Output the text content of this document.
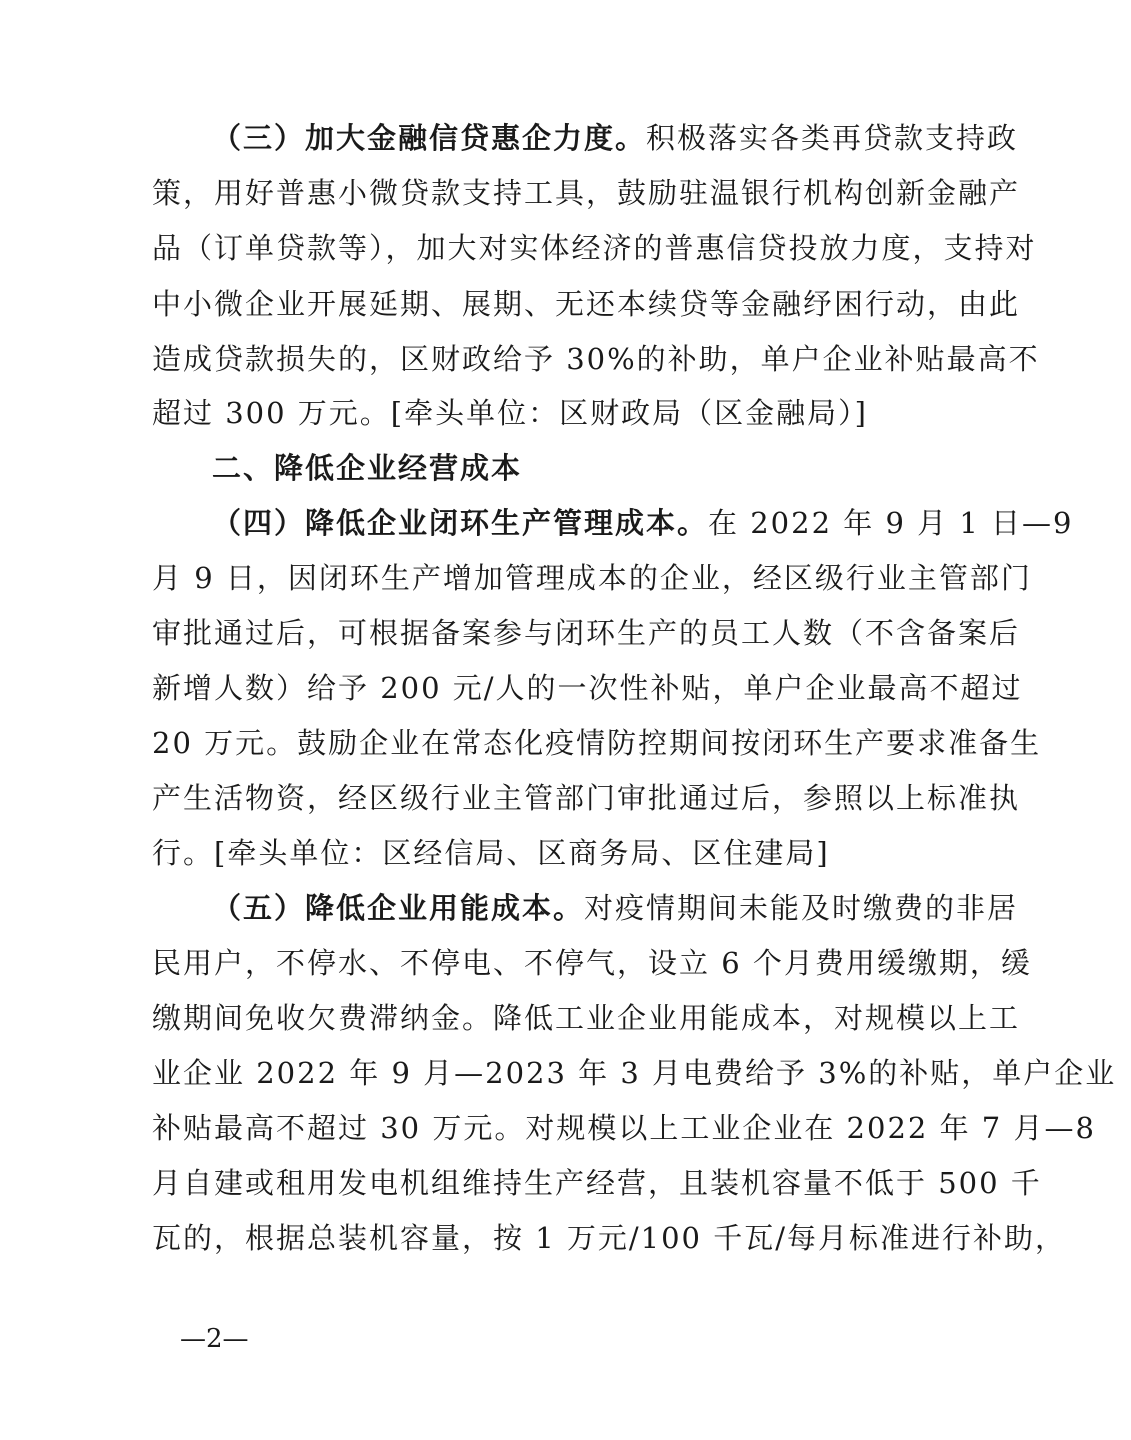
（三）加大金融信贷惠企力度。积极落实各类再贷款支持政
策，用好普惠小微贷款支持工具，鼓励驻温银行机构创新金融产
品（订单贷款等），加大对实体经济的普惠信贷投放力度，支持对
中小微企业开展延期、展期、无还本续贷等金融纾困行动，由此
造成贷款损失的，区财政给予 30%的补助，单户企业补贴最高不
超过 300 万元。[牵头单位：区财政局（区金融局）]
二、降低企业经营成本
（四）降低企业闭环生产管理成本。在 2022 年 9 月 1 日—9
月 9 日，因闭环生产增加管理成本的企业，经区级行业主管部门
审批通过后，可根据备案参与闭环生产的员工人数（不含备案后
新增人数）给予 200 元/人的一次性补贴，单户企业最高不超过
20 万元。鼓励企业在常态化疫情防控期间按闭环生产要求准备生
产生活物资，经区级行业主管部门审批通过后，参照以上标准执
行。[牵头单位：区经信局、区商务局、区住建局]
（五）降低企业用能成本。对疫情期间未能及时缴费的非居
民用户，不停水、不停电、不停气，设立 6 个月费用缓缴期，缓
缴期间免收欠费滞纳金。降低工业企业用能成本，对规模以上工
业企业 2022 年 9 月—2023 年 3 月电费给予 3%的补贴，单户企业
补贴最高不超过 30 万元。对规模以上工业企业在 2022 年 7 月—8
月自建或租用发电机组维持生产经营，且装机容量不低于 500 千
瓦的，根据总装机容量，按 1 万元/100 千瓦/每月标准进行补助，
—2—
